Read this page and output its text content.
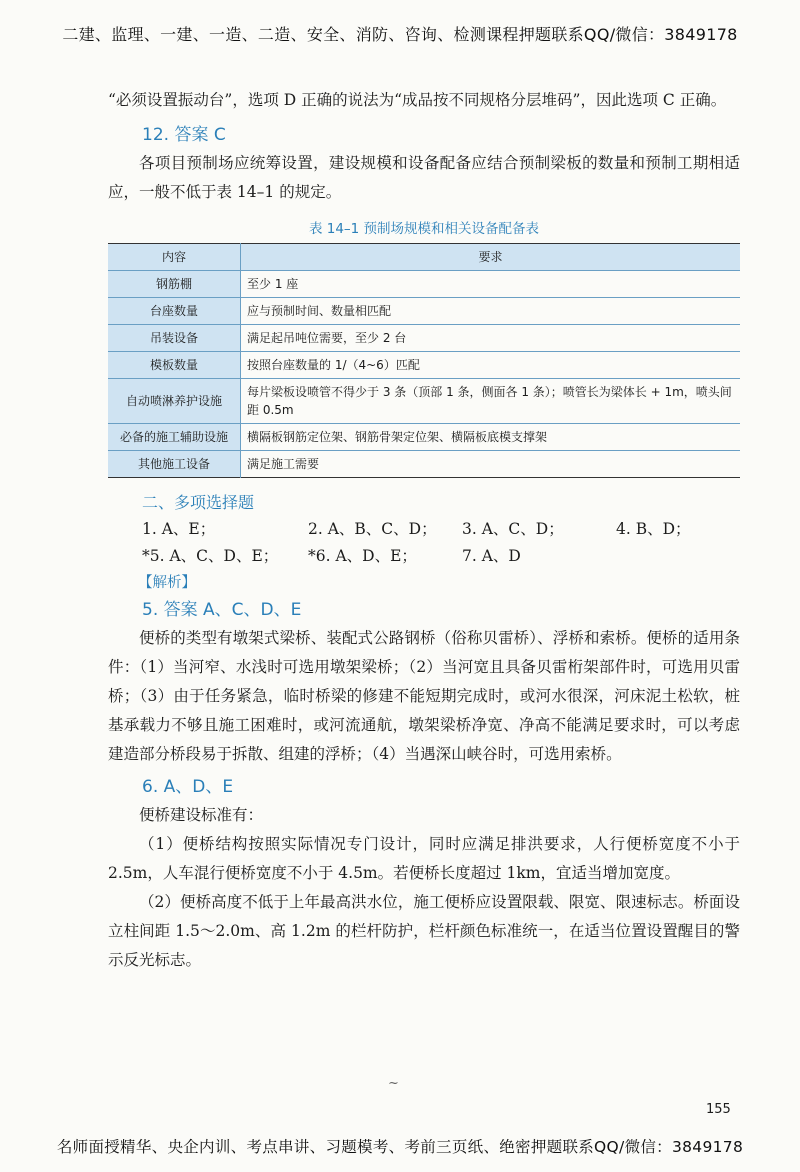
二建、监理、一建、一造、二造、安全、消防、咨询、检测课程押题联系QQ/微信：3849178

“必须设置振动台”，选项 D 正确的说法为“成品按不同规格分层堆码”，因此选项 C 正确。

12. 答案 C

各项目预制场应统筹设置，建设规模和设备配备应结合预制梁板的数量和预制工期相适应，一般不低于表 14–1 的规定。

表 14–1 预制场规模和相关设备配备表
内容	要求
钢筋棚	至少 1 座
台座数量	应与预制时间、数量相匹配
吊装设备	满足起吊吨位需要，至少 2 台
模板数量	按照台座数量的 1/（4~6）匹配
自动喷淋养护设施	每片梁板设喷管不得少于 3 条（顶部 1 条，侧面各 1 条）；喷管长为梁体长 + 1m，喷头间距 0.5m
必备的施工辅助设施	横隔板钢筋定位架、钢筋骨架定位架、横隔板底模支撑架
其他施工设备	满足施工需要
二、多项选择题
1. A、E；	2. A、B、C、D；	3. A、C、D；	4. B、D；
*5. A、C、D、E；	*6. A、D、E；	7. A、D
【解析】
5. 答案 A、C、D、E

便桥的类型有墩架式梁桥、装配式公路钢桥（俗称贝雷桥）、浮桥和索桥。便桥的适用条件：（1）当河窄、水浅时可选用墩架梁桥；（2）当河宽且具备贝雷桁架部件时，可选用贝雷桥；（3）由于任务紧急，临时桥梁的修建不能短期完成时，或河水很深，河床泥土松软，桩基承载力不够且施工困难时，或河流通航，墩架梁桥净宽、净高不能满足要求时，可以考虑建造部分桥段易于拆散、组建的浮桥；（4）当遇深山峡谷时，可选用索桥。

6. A、D、E

便桥建设标准有：

（1）便桥结构按照实际情况专门设计，同时应满足排洪要求，人行便桥宽度不小于 2.5m，人车混行便桥宽度不小于 4.5m。若便桥长度超过 1km，宜适当增加宽度。

（2）便桥高度不低于上年最高洪水位，施工便桥应设置限载、限宽、限速标志。桥面设立柱间距 1.5～2.0m、高 1.2m 的栏杆防护，栏杆颜色标准统一，在适当位置设置醒目的警示反光标志。

~
155
名师面授精华、央企内训、考点串讲、习题模考、考前三页纸、绝密押题联系QQ/微信：3849178
